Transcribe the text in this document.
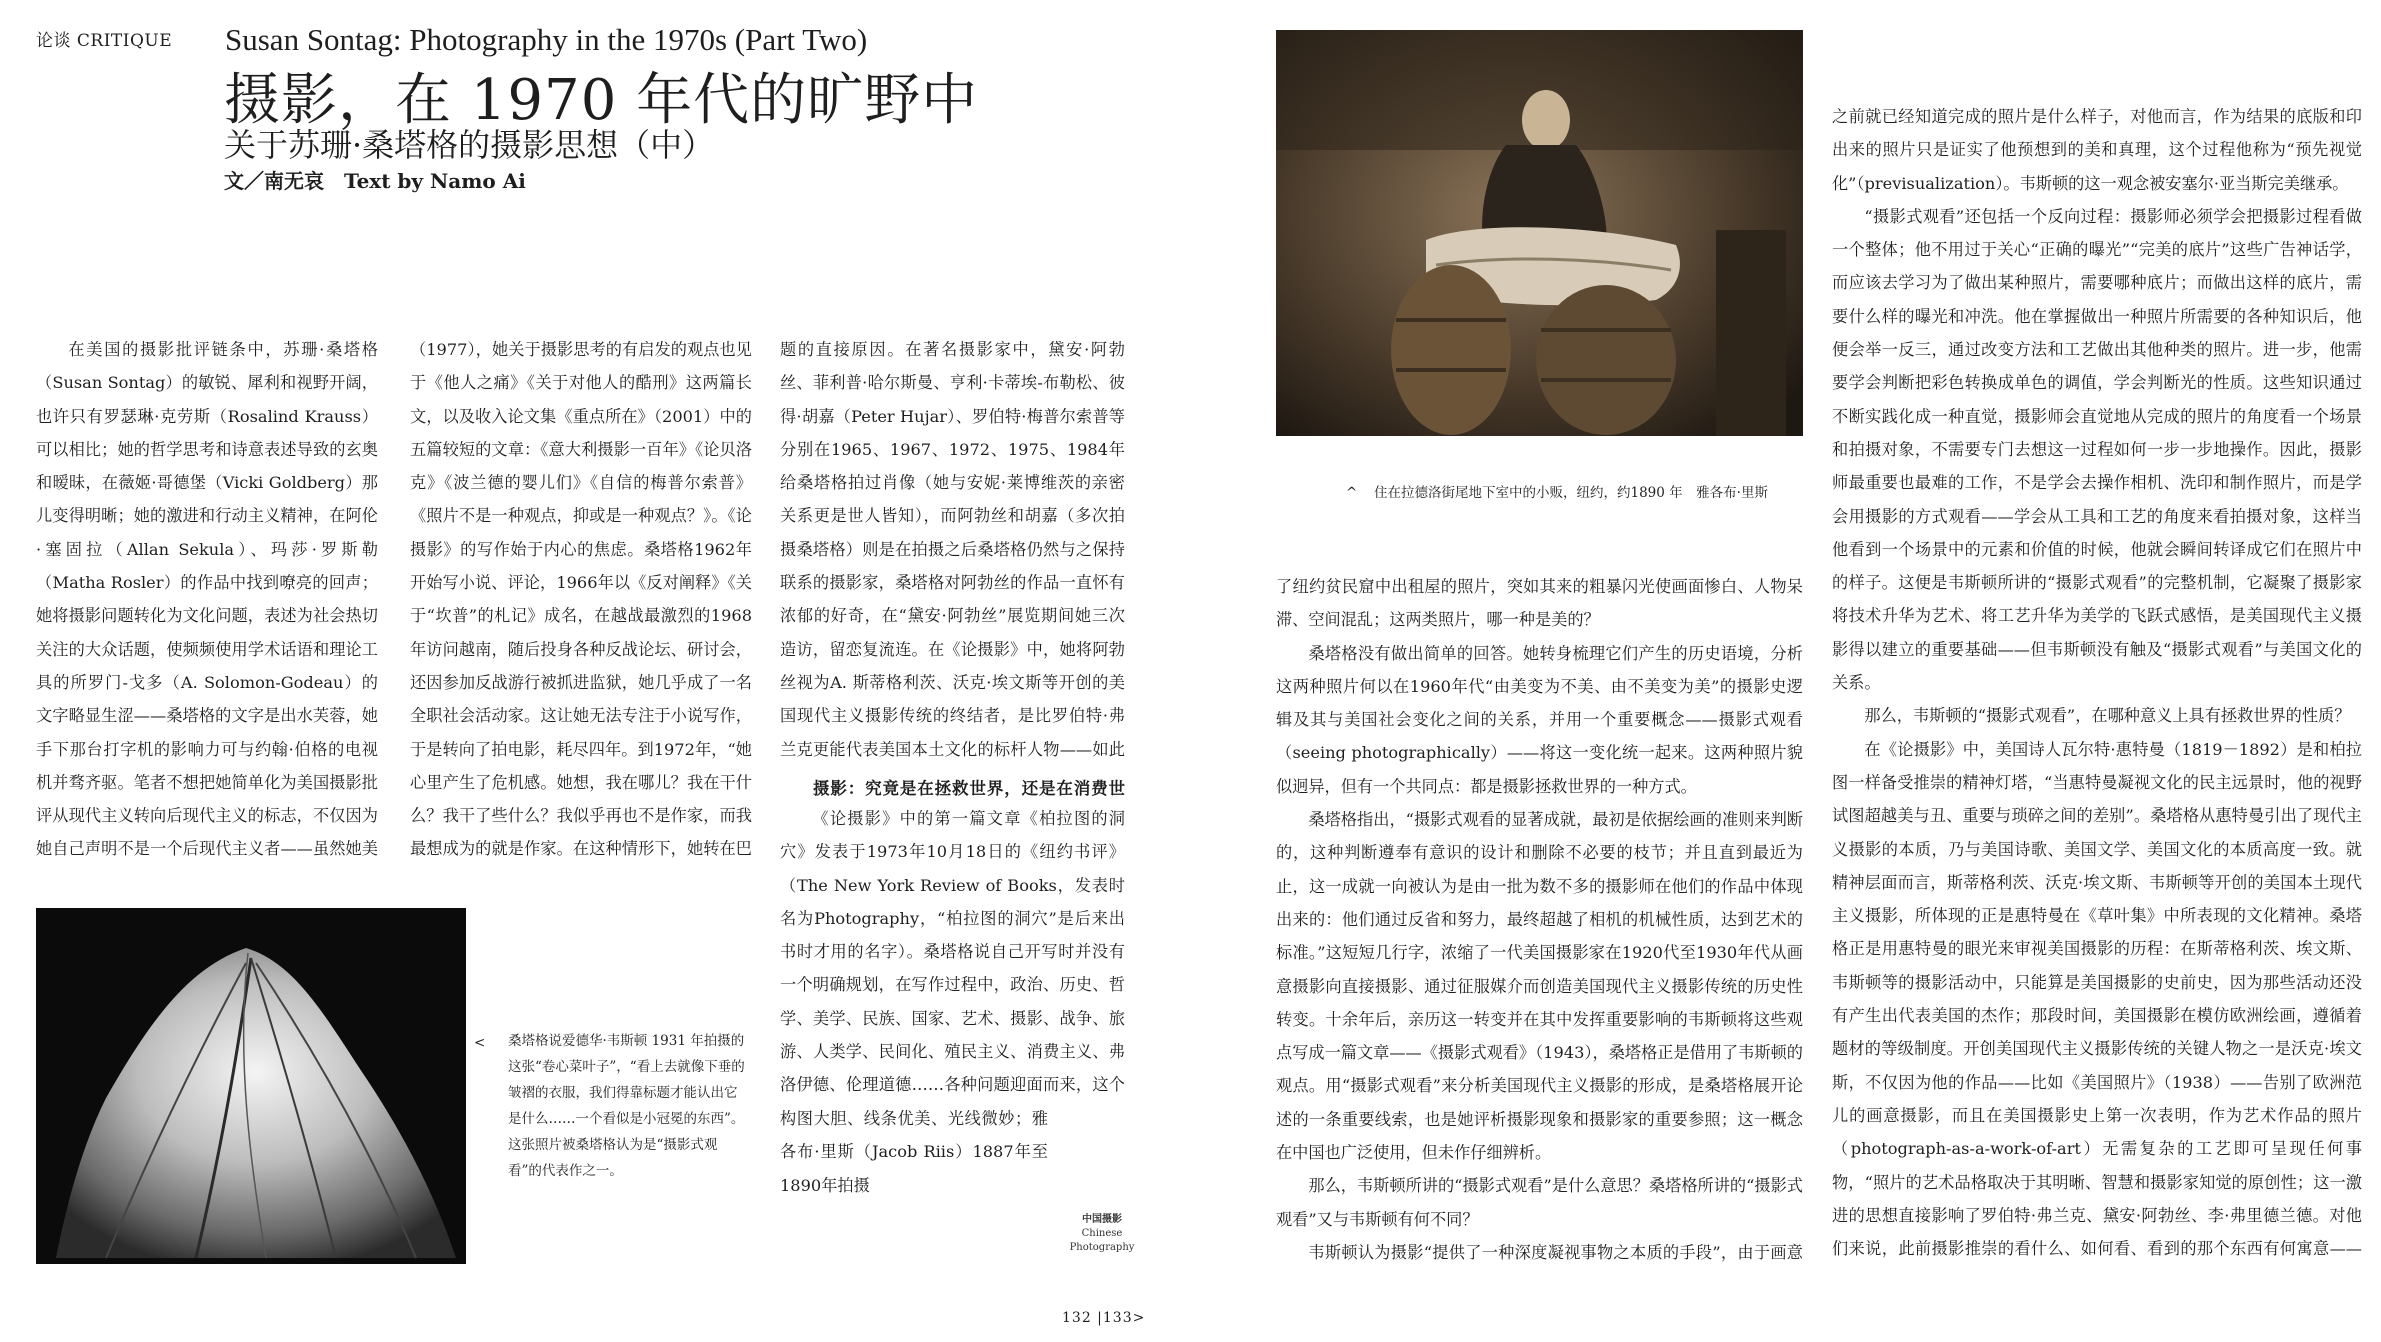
论谈 CRITIQUE Susan Sontag: Photography in the 1970s (Part Two)
摄影，在 1970 年代的旷野中
关于苏珊·桑塔格的摄影思想（中）
文／南无哀　Text by Namo Ai

在美国的摄影批评链条中，苏珊·桑塔格（Susan Sontag）的敏锐、犀利和视野开阔，也许只有罗瑟琳·克劳斯（Rosalind Krauss）可以相比；她的哲学思考和诗意表述导致的玄奥和暧昧，在薇姬·哥德堡（Vicki Goldberg）那儿变得明晰；她的激进和行动主义精神，在阿伦·塞固拉（Allan Sekula）、玛莎·罗斯勒（Matha Rosler）的作品中找到嘹亮的回声；她将摄影问题转化为文化问题，表述为社会热切关注的大众话题，使频频使用学术话语和理论工具的所罗门-戈多（A. Solomon-Godeau）的文字略显生涩——桑塔格的文字是出水芙蓉，她手下那台打字机的影响力可与约翰·伯格的电视机并骛齐驱。笔者不想把她简单化为美国摄影批评从现代主义转向后现代主义的标志，不仅因为她自己声明不是一个后现代主义者——虽然她美

<	桑塔格说爱德华·韦斯顿 1931 年拍摄的这张“卷心菜叶子”，“看上去就像下垂的皱褶的衣服，我们得靠标题才能认出它是什么……一个看似是小冠冕的东西”。这张照片被桑塔格认为是“摄影式观看”的代表作之一。

（1977），她关于摄影思考的有启发的观点也见于《他人之痛》《关于对他人的酷刑》这两篇长文，以及收入论文集《重点所在》（2001）中的五篇较短的文章：《意大利摄影一百年》《论贝洛克》《波兰德的婴儿们》《自信的梅普尔索普》《照片不是一种观点，抑或是一种观点？》。《论摄影》的写作始于内心的焦虑。桑塔格1962年开始写小说、评论，1966年以《反对阐释》《关于“坎普”的札记》成名，在越战最激烈的1968年访问越南，随后投身各种反战论坛、研讨会，还因参加反战游行被抓进监狱，她几乎成了一名全职社会活动家。这让她无法专注于小说写作，于是转向了拍电影，耗尽四年。到1972年，“她心里产生了危机感。她想，我在哪儿？我在干什么？我干了些什么？我似乎再也不是作家，而我最想成为的就是作家。在这种情形下，她转在巴

题的直接原因。在著名摄影家中，黛安·阿勃丝、菲利普·哈尔斯曼、亨利·卡蒂埃-布勒松、彼得·胡嘉（Peter Hujar）、罗伯特·梅普尔索普等分别在1965、1967、1972、1975、1984年给桑塔格拍过肖像（她与安妮·莱博维茨的亲密关系更是世人皆知），而阿勃丝和胡嘉（多次拍摄桑塔格）则是在拍摄之后桑塔格仍然与之保持联系的摄影家，桑塔格对阿勃丝的作品一直怀有浓郁的好奇，在“黛安·阿勃丝”展览期间她三次造访，留恋复流连。在《论摄影》中，她将阿勃丝视为A. 斯蒂格利茨、沃克·埃文斯等开创的美国现代主义摄影传统的终结者，是比罗伯特·弗兰克更能代表美国本土文化的标杆人物——如此

摄影：究竟是在拯救世界，还是在消费世

《论摄影》中的第一篇文章《柏拉图的洞穴》发表于1973年10月18日的《纽约书评》（The New York Review of Books，发表时名为Photography，“柏拉图的洞穴”是后来出书时才用的名字）。桑塔格说自己开写时并没有一个明确规划，在写作过程中，政治、历史、哲学、美学、民族、国家、艺术、摄影、战争、旅游、人类学、民间化、殖民主义、消费主义、弗洛伊德、伦理道德……各种问题迎面而来，这个

构图大胆、线条优美、光线微妙；雅各布·里斯（Jacob Riis）1887年至1890年拍摄

中国摄影
Chinese
Photography
^	住在拉德洛街尾地下室中的小贩，纽约，约1890 年　雅各布·里斯

了纽约贫民窟中出租屋的照片，突如其来的粗暴闪光使画面惨白、人物呆滞、空间混乱；这两类照片，哪一种是美的？

桑塔格没有做出简单的回答。她转身梳理它们产生的历史语境，分析这两种照片何以在1960年代“由美变为不美、由不美变为美”的摄影史逻辑及其与美国社会变化之间的关系，并用一个重要概念——摄影式观看（seeing photographically）——将这一变化统一起来。这两种照片貌似迥异，但有一个共同点：都是摄影拯救世界的一种方式。

桑塔格指出，“摄影式观看的显著成就，最初是依据绘画的准则来判断的，这种判断遵奉有意识的设计和删除不必要的枝节；并且直到最近为止，这一成就一向被认为是由一批为数不多的摄影师在他们的作品中体现出来的：他们通过反省和努力，最终超越了相机的机械性质，达到艺术的标准。”这短短几行字，浓缩了一代美国摄影家在1920代至1930年代从画意摄影向直接摄影、通过征服媒介而创造美国现代主义摄影传统的历史性转变。十余年后，亲历这一转变并在其中发挥重要影响的韦斯顿将这些观点写成一篇文章——《摄影式观看》（1943），桑塔格正是借用了韦斯顿的观点。用“摄影式观看”来分析美国现代主义摄影的形成，是桑塔格展开论述的一条重要线索，也是她评析摄影现象和摄影家的重要参照；这一概念在中国也广泛使用，但未作仔细辨析。

那么，韦斯顿所讲的“摄影式观看”是什么意思？桑塔格所讲的“摄影式观看”又与韦斯顿有何不同？

韦斯顿认为摄影“提供了一种深度凝视事物之本质的手段”，由于画意

之前就已经知道完成的照片是什么样子，对他而言，作为结果的底版和印出来的照片只是证实了他预想到的美和真理，这个过程他称为“预先视觉化”（previsualization）。韦斯顿的这一观念被安塞尔·亚当斯完美继承。

“摄影式观看”还包括一个反向过程：摄影师必须学会把摄影过程看做一个整体；他不用过于关心“正确的曝光”“完美的底片”这些广告神话学，而应该去学习为了做出某种照片，需要哪种底片；而做出这样的底片，需要什么样的曝光和冲洗。他在掌握做出一种照片所需要的各种知识后，他便会举一反三，通过改变方法和工艺做出其他种类的照片。进一步，他需要学会判断把彩色转换成单色的调值，学会判断光的性质。这些知识通过不断实践化成一种直觉，摄影师会直觉地从完成的照片的角度看一个场景和拍摄对象，不需要专门去想这一过程如何一步一步地操作。因此，摄影师最重要也最难的工作，不是学会去操作相机、洗印和制作照片，而是学会用摄影的方式观看——学会从工具和工艺的角度来看拍摄对象，这样当他看到一个场景中的元素和价值的时候，他就会瞬间转译成它们在照片中的样子。这便是韦斯顿所讲的“摄影式观看”的完整机制，它凝聚了摄影家将技术升华为艺术、将工艺升华为美学的飞跃式感悟，是美国现代主义摄影得以建立的重要基础——但韦斯顿没有触及“摄影式观看”与美国文化的关系。

那么，韦斯顿的“摄影式观看”，在哪种意义上具有拯救世界的性质？

在《论摄影》中，美国诗人瓦尔特·惠特曼（1819－1892）是和柏拉图一样备受推崇的精神灯塔，“当惠特曼凝视文化的民主远景时，他的视野试图超越美与丑、重要与琐碎之间的差别”。桑塔格从惠特曼引出了现代主义摄影的本质，乃与美国诗歌、美国文学、美国文化的本质高度一致。就精神层面而言，斯蒂格利茨、沃克·埃文斯、韦斯顿等开创的美国本土现代主义摄影，所体现的正是惠特曼在《草叶集》中所表现的文化精神。桑塔格正是用惠特曼的眼光来审视美国摄影的历程：在斯蒂格利茨、埃文斯、韦斯顿等的摄影活动中，只能算是美国摄影的史前史，因为那些活动还没有产生出代表美国的杰作；那段时间，美国摄影在模仿欧洲绘画，遵循着题材的等级制度。开创美国现代主义摄影传统的关键人物之一是沃克·埃文斯，不仅因为他的作品——比如《美国照片》（1938）——告别了欧洲范儿的画意摄影，而且在美国摄影史上第一次表明，作为艺术作品的照片（photograph-as-a-work-of-art）无需复杂的工艺即可呈现任何事物，“照片的艺术品格取决于其明晰、智慧和摄影家知觉的原创性；这一激进的思想直接影响了罗伯特·弗兰克、黛安·阿勃丝、李·弗里德兰德。对他们来说，此前摄影推崇的看什么、如何看、看到的那个东西有何寓意——

132 |133>
